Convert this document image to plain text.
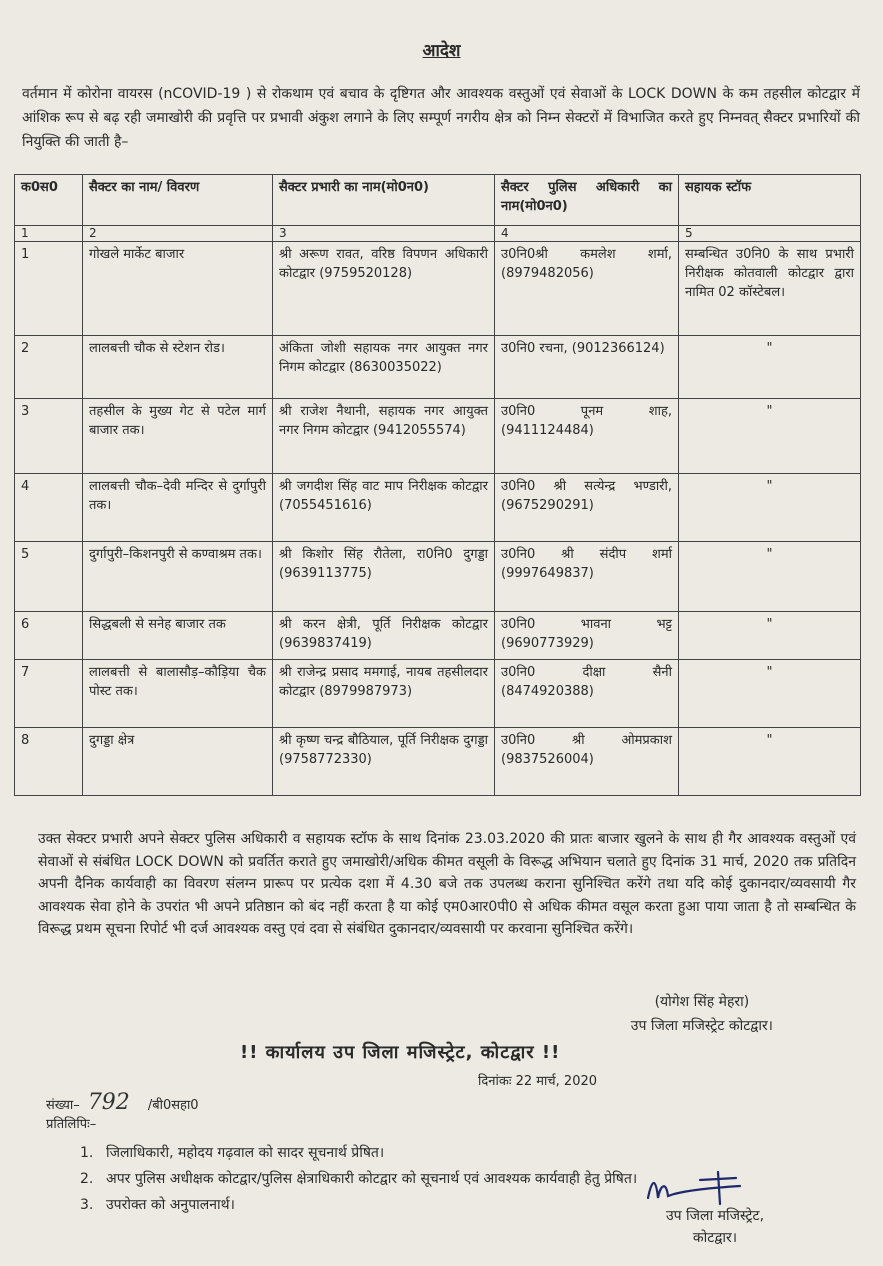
आदेश
वर्तमान में कोरोना वायरस (nCOVID-19 ) से रोकथाम एवं बचाव के दृष्टिगत और आवश्यक वस्तुओं एवं सेवाओं के LOCK DOWN के कम तहसील कोटद्वार में आंशिक रूप से बढ़ रही जमाखोरी की प्रवृत्ति पर प्रभावी अंकुश लगाने के लिए सम्पूर्ण नगरीय क्षेत्र को निम्न सेक्टरों में विभाजित करते हुए निम्नवत् सैक्टर प्रभारियों की नियुक्ति की जाती है–
क0स0	सैक्टर का नाम/ विवरण	सैक्टर प्रभारी का नाम(मो0न0)	सैक्टर पुलिस अधिकारी का नाम(मो0न0)	सहायक स्टॉफ
1	2	3	4	5
1	गोखले मार्केट बाजार	श्री अरूण रावत, वरिष्ठ विपणन अधिकारी कोटद्वार (9759520128)	उ0नि0श्री कमलेश शर्मा, (8979482056)	सम्बन्धित उ0नि0 के साथ प्रभारी निरीक्षक कोतवाली कोटद्वार द्वारा नामित 02 कॉस्टेबल।
2	लालबत्ती चौक से स्टेशन रोड।	अंकिता जोशी सहायक नगर आयुक्त नगर निगम कोटद्वार (8630035022)	उ0नि0 रचना, (9012366124)	"
3	तहसील के मुख्य गेट से पटेल मार्ग बाजार तक।	श्री राजेश नैथानी, सहायक नगर आयुक्त नगर निगम कोटद्वार (9412055574)	उ0नि0 पूनम शाह, (9411124484)	"
4	लालबत्ती चौक–देवी मन्दिर से दुर्गापुरी तक।	श्री जगदीश सिंह वाट माप निरीक्षक कोटद्वार (7055451616)	उ0नि0 श्री सत्येन्द्र भण्डारी, (9675290291)	"
5	दुर्गापुरी–किशनपुरी से कण्वाश्रम तक।	श्री किशोर सिंह रौतेला, रा0नि0 दुगड्डा (9639113775)	उ0नि0 श्री संदीप शर्मा (9997649837)	"
6	सिद्धबली से सनेह बाजार तक	श्री करन क्षेत्री, पूर्ति निरीक्षक कोटद्वार (9639837419)	उ0नि0 भावना भट्ट (9690773929)	"
7	लालबत्ती से बालासौड़–कौड़िया चैक पोस्ट तक।	श्री राजेन्द्र प्रसाद ममगाई, नायब तहसीलदार कोटद्वार (8979987973)	उ0नि0 दीक्षा सैनी (8474920388)	"
8	दुगड्डा क्षेत्र	श्री कृष्ण चन्द्र बौठियाल, पूर्ति निरीक्षक दुगड्डा (9758772330)	उ0नि0 श्री ओमप्रकाश (9837526004)	"
उक्त सेक्टर प्रभारी अपने सेक्टर पुलिस अधिकारी व सहायक स्टॉफ के साथ दिनांक 23.03.2020 की प्रातः बाजार खुलने के साथ ही गैर आवश्यक वस्तुओं एवं सेवाओं से संबंधित LOCK DOWN को प्रवर्तित कराते हुए जमाखोरी/अधिक कीमत वसूली के विरूद्ध अभियान चलाते हुए दिनांक 31 मार्च, 2020 तक प्रतिदिन अपनी दैनिक कार्यवाही का विवरण संलग्न प्रारूप पर प्रत्येक दशा में 4.30 बजे तक उपलब्ध कराना सुनिश्चित करेंगे तथा यदि कोई दुकानदार/व्यवसायी गैर आवश्यक सेवा होने के उपरांत भी अपने प्रतिष्ठान को बंद नहीं करता है या कोई एम0आर0पी0 से अधिक कीमत वसूल करता हुआ पाया जाता है तो सम्बन्धित के विरूद्ध प्रथम सूचना रिपोर्ट भी दर्ज आवश्यक वस्तु एवं दवा से संबंधित दुकानदार/व्यवसायी पर करवाना सुनिश्चित करेंगे।
(योगेश सिंह मेहरा)
उप जिला मजिस्ट्रेट कोटद्वार।
!! कार्यालय उप जिला मजिस्ट्रेट, कोटद्वार !!
दिनांकः 22 मार्च, 2020
संख्या– 792 /बी0सहा0
प्रतिलिपिः–
1. जिलाधिकारी, महोदय गढ़वाल को सादर सूचनार्थ प्रेषित।
2. अपर पुलिस अधीक्षक कोटद्वार/पुलिस क्षेत्राधिकारी कोटद्वार को सूचनार्थ एवं आवश्यक कार्यवाही हेतु प्रेषित।
3. उपरोक्त को अनुपालनार्थ।
उप जिला मजिस्ट्रेट,
कोटद्वार।
